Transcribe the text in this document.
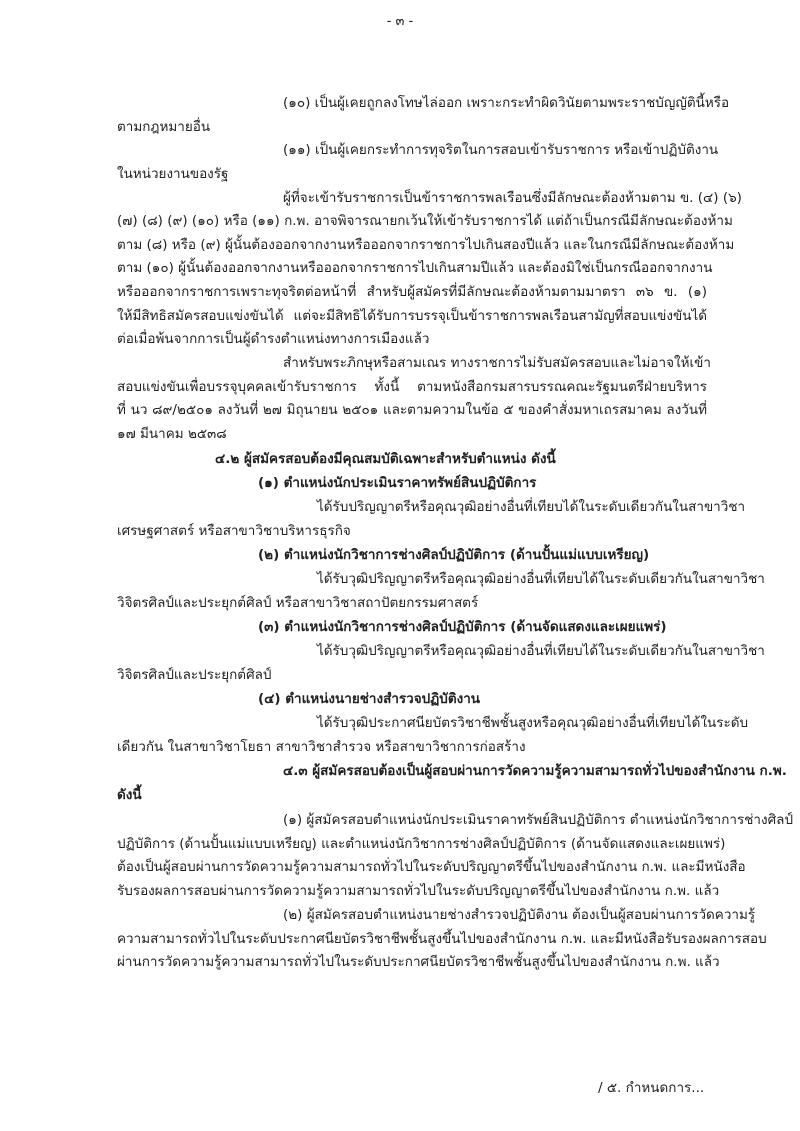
- ๓ -
(๑๐) เป็นผู้เคยถูกลงโทษไล่ออก เพราะกระทำผิดวินัยตามพระราชบัญญัตินี้หรือ
ตามกฎหมายอื่น
(๑๑) เป็นผู้เคยกระทำการทุจริตในการสอบเข้ารับราชการ หรือเข้าปฏิบัติงาน
ในหน่วยงานของรัฐ
ผู้ที่จะเข้ารับราชการเป็นข้าราชการพลเรือนซึ่งมีลักษณะต้องห้ามตาม ข. (๔) (๖)
(๗) (๘) (๙) (๑๐) หรือ (๑๑) ก.พ. อาจพิจารณายกเว้นให้เข้ารับราชการได้ แต่ถ้าเป็นกรณีมีลักษณะต้องห้าม
ตาม (๘) หรือ (๙) ผู้นั้นต้องออกจากงานหรือออกจากราชการไปเกินสองปีแล้ว และในกรณีมีลักษณะต้องห้าม
ตาม (๑๐) ผู้นั้นต้องออกจากงานหรือออกจากราชการไปเกินสามปีแล้ว และต้องมิใช่เป็นกรณีออกจากงาน
หรือออกจากราชการเพราะทุจริตต่อหน้าที่ สำหรับผู้สมัครที่มีลักษณะต้องห้ามตามมาตรา ๓๖ ข. (๑)
ให้มีสิทธิสมัครสอบแข่งขันได้ แต่จะมีสิทธิได้รับการบรรจุเป็นข้าราชการพลเรือนสามัญที่สอบแข่งขันได้
ต่อเมื่อพ้นจากการเป็นผู้ดำรงตำแหน่งทางการเมืองแล้ว
สำหรับพระภิกษุหรือสามเณร ทางราชการไม่รับสมัครสอบและไม่อาจให้เข้า
สอบแข่งขันเพื่อบรรจุบุคคลเข้ารับราชการ ทั้งนี้ ตามหนังสือกรมสารบรรณคณะรัฐมนตรีฝ่ายบริหาร
ที่ นว ๘๙/๒๕๐๑ ลงวันที่ ๒๗ มิถุนายน ๒๕๐๑ และตามความในข้อ ๕ ของคำสั่งมหาเถรสมาคม ลงวันที่
๑๗ มีนาคม ๒๕๓๘
๔.๒ ผู้สมัครสอบต้องมีคุณสมบัติเฉพาะสำหรับตำแหน่ง ดังนี้
(๑) ตำแหน่งนักประเมินราคาทรัพย์สินปฏิบัติการ
ได้รับปริญญาตรีหรือคุณวุฒิอย่างอื่นที่เทียบได้ในระดับเดียวกันในสาขาวิชา
เศรษฐศาสตร์ หรือสาขาวิชาบริหารธุรกิจ
(๒) ตำแหน่งนักวิชาการช่างศิลป์ปฏิบัติการ (ด้านปั้นแม่แบบเหรียญ)
ได้รับวุฒิปริญญาตรีหรือคุณวุฒิอย่างอื่นที่เทียบได้ในระดับเดียวกันในสาขาวิชา
วิจิตรศิลป์และประยุกต์ศิลป์ หรือสาขาวิชาสถาปัตยกรรมศาสตร์
(๓) ตำแหน่งนักวิชาการช่างศิลป์ปฏิบัติการ (ด้านจัดแสดงและเผยแพร่)
ได้รับวุฒิปริญญาตรีหรือคุณวุฒิอย่างอื่นที่เทียบได้ในระดับเดียวกันในสาขาวิชา
วิจิตรศิลป์และประยุกต์ศิลป์
(๔) ตำแหน่งนายช่างสำรวจปฏิบัติงาน
ได้รับวุฒิประกาศนียบัตรวิชาชีพชั้นสูงหรือคุณวุฒิอย่างอื่นที่เทียบได้ในระดับ
เดียวกัน ในสาขาวิชาโยธา สาขาวิชาสำรวจ หรือสาขาวิชาการก่อสร้าง
๔.๓ ผู้สมัครสอบต้องเป็นผู้สอบผ่านการวัดความรู้ความสามารถทั่วไปของสำนักงาน ก.พ.
ดังนี้
(๑) ผู้สมัครสอบตำแหน่งนักประเมินราคาทรัพย์สินปฏิบัติการ ตำแหน่งนักวิชาการช่างศิลป์
ปฏิบัติการ (ด้านปั้นแม่แบบเหรียญ) และตำแหน่งนักวิชาการช่างศิลป์ปฏิบัติการ (ด้านจัดแสดงและเผยแพร่)
ต้องเป็นผู้สอบผ่านการวัดความรู้ความสามารถทั่วไปในระดับปริญญาตรีขึ้นไปของสำนักงาน ก.พ. และมีหนังสือ
รับรองผลการสอบผ่านการวัดความรู้ความสามารถทั่วไปในระดับปริญญาตรีขึ้นไปของสำนักงาน ก.พ. แล้ว
(๒) ผู้สมัครสอบตำแหน่งนายช่างสำรวจปฏิบัติงาน ต้องเป็นผู้สอบผ่านการวัดความรู้
ความสามารถทั่วไปในระดับประกาศนียบัตรวิชาชีพชั้นสูงขึ้นไปของสำนักงาน ก.พ. และมีหนังสือรับรองผลการสอบ
ผ่านการวัดความรู้ความสามารถทั่วไปในระดับประกาศนียบัตรวิชาชีพชั้นสูงขึ้นไปของสำนักงาน ก.พ. แล้ว
/ ๕. กำหนดการ...
